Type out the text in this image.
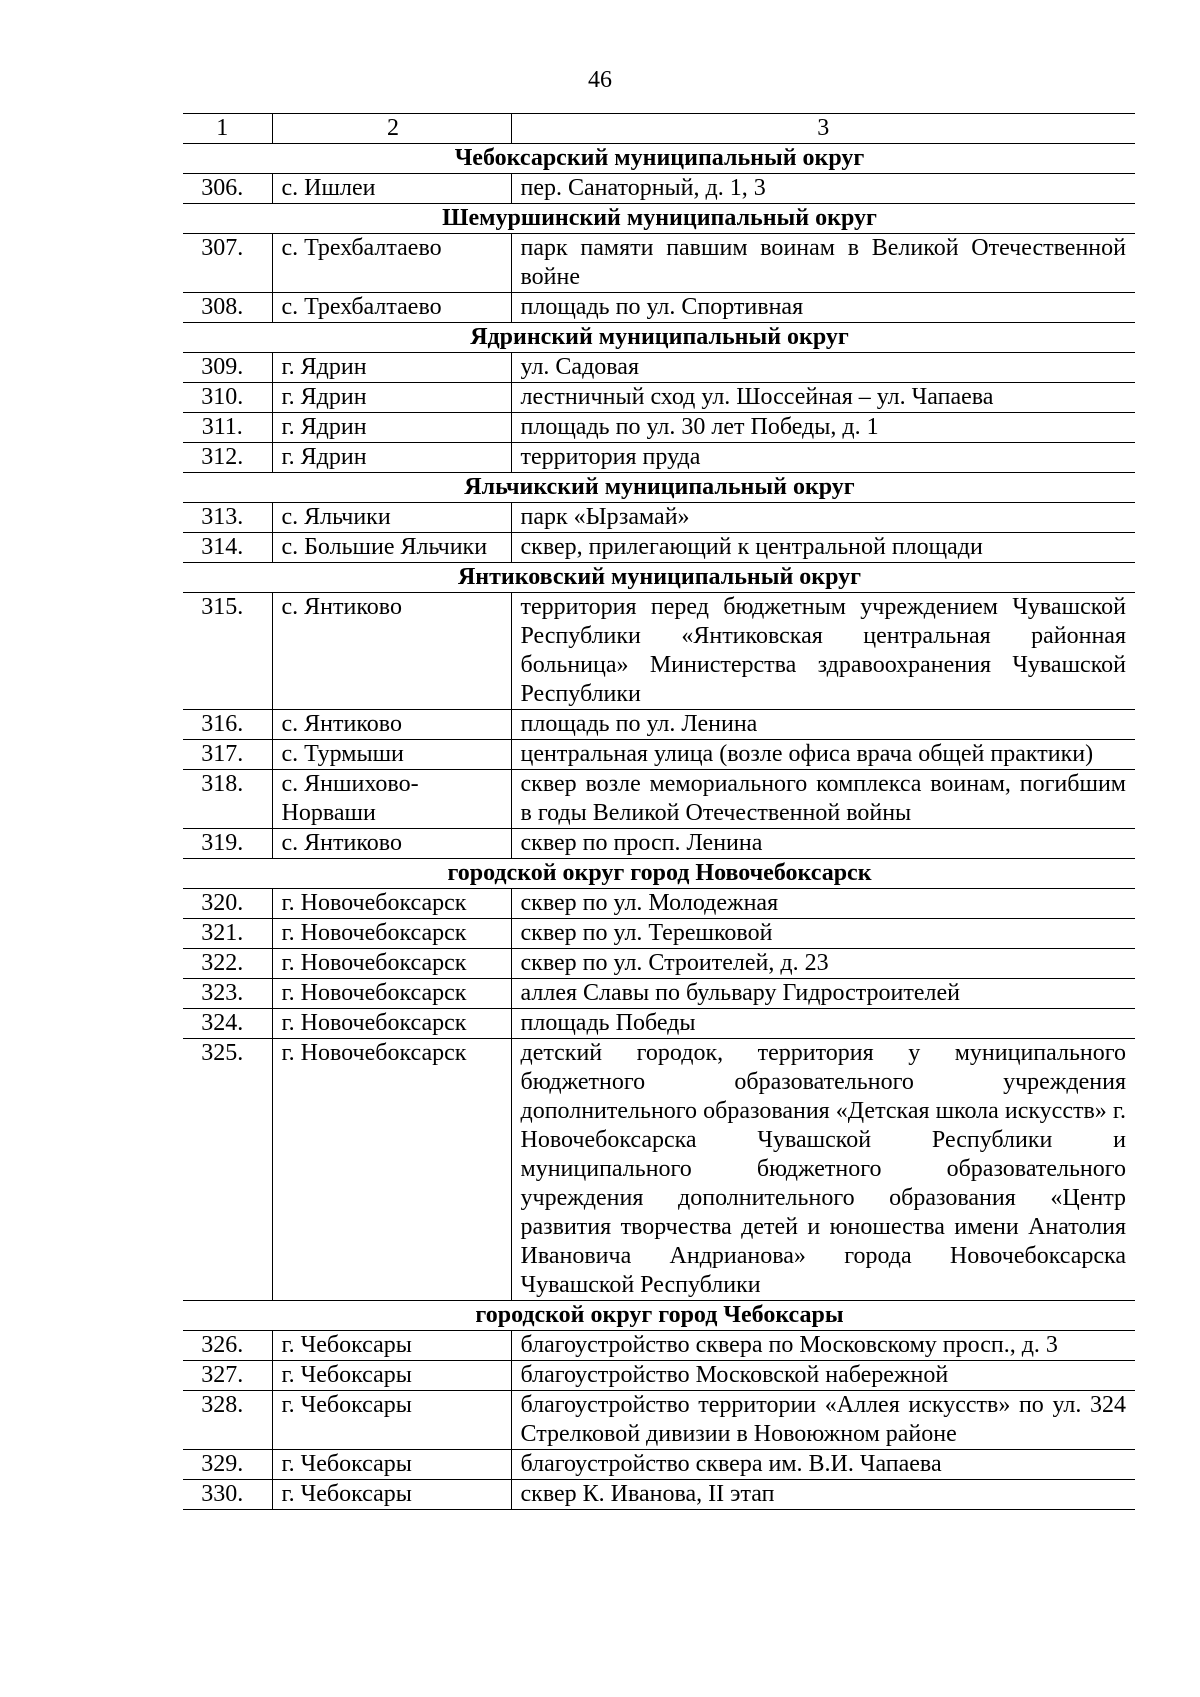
46
1	2	3
Чебоксарский муниципальный округ		
306.	с. Ишлеи	пер. Санаторный, д. 1, 3
Шемуршинский муниципальный округ		
307.	с. Трехбалтаево	парк памяти павшим воинам в Великой Отечественной войне
308.	с. Трехбалтаево	площадь по ул. Спортивная
Ядринский муниципальный округ		
309.	г. Ядрин	ул. Садовая
310.	г. Ядрин	лестничный сход ул. Шоссейная – ул. Чапаева
311.	г. Ядрин	площадь по ул. 30 лет Победы, д. 1
312.	г. Ядрин	территория пруда
Яльчикский муниципальный округ		
313.	с. Яльчики	парк «Ырзамай»
314.	с. Большие Яльчики	сквер, прилегающий к центральной площади
Янтиковский муниципальный округ		
315.	с. Янтиково	территория перед бюджетным учреждением Чувашской Республики «Янтиковская центральная районная больница» Министерства здравоохранения Чувашской Республики
316.	с. Янтиково	площадь по ул. Ленина
317.	с. Турмыши	центральная улица (возле офиса врача общей практики)
318.	с. Яншихово-Норваши	сквер возле мемориального комплекса воинам, погибшим в годы Великой Отечественной войны
319.	с. Янтиково	сквер по просп. Ленина
городской округ город Новочебоксарск		
320.	г. Новочебоксарск	сквер по ул. Молодежная
321.	г. Новочебоксарск	сквер по ул. Терешковой
322.	г. Новочебоксарск	сквер по ул. Строителей, д. 23
323.	г. Новочебоксарск	аллея Славы по бульвару Гидростроителей
324.	г. Новочебоксарск	площадь Победы
325.	г. Новочебоксарск	детский городок, территория у муниципального бюджетного образовательного учреждения дополнительного образования «Детская школа искусств» г. Новочебоксарска Чувашской Республики и муниципального бюджетного образовательного учреждения дополнительного образования «Центр развития творчества детей и юношества имени Анатолия Ивановича Андрианова» города Новочебоксарска Чувашской Республики
городской округ город Чебоксары		
326.	г. Чебоксары	благоустройство сквера по Московскому просп., д. 3
327.	г. Чебоксары	благоустройство Московской набережной
328.	г. Чебоксары	благоустройство территории «Аллея искусств» по ул. 324 Стрелковой дивизии в Новоюжном районе
329.	г. Чебоксары	благоустройство сквера им. В.И. Чапаева
330.	г. Чебоксары	сквер К. Иванова, II этап
